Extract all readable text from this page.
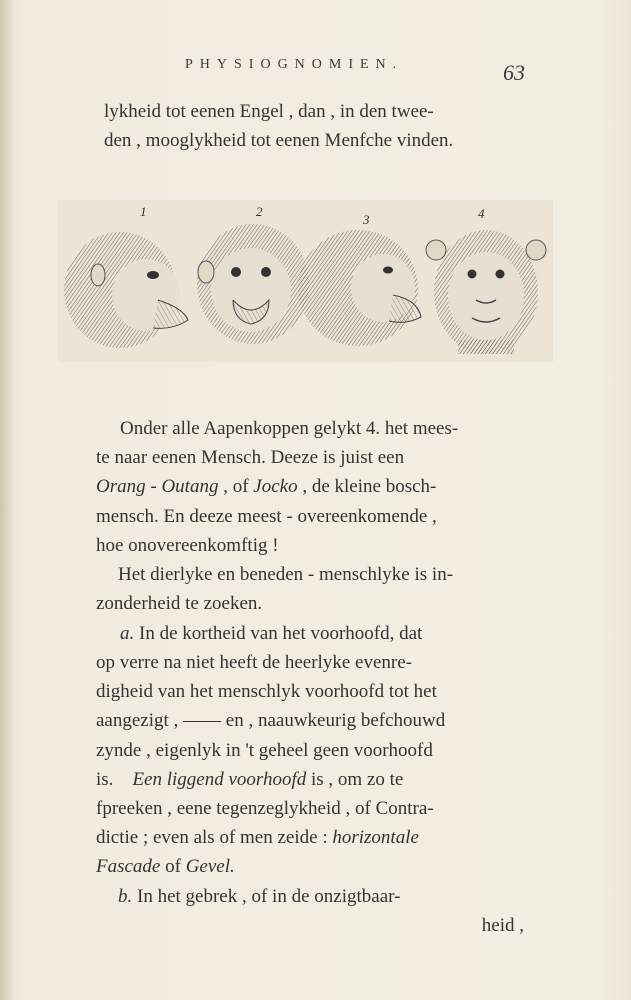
PHYSIOGNOMIEN.	63
lykheid tot eenen Engel , dan , in den twee-
den , mooglykheid tot eenen Menfche vinden.
1	2
3	4
Onder alle Aapenkoppen gelykt 4. het mees-
te naar eenen Mensch. Deeze is juist een
Orang - Outang , of Jocko , de kleine bosch-
mensch. En deeze meest - overeenkomende ,
hoe onovereenkomftig !
Het dierlyke en beneden - menschlyke is in-
zonderheid te zoeken.
a. In de kortheid van het voorhoofd, dat
op verre na niet heeft de heerlyke evenre-
digheid van het menschlyk voorhoofd tot het
aangezigt , —— en , naauwkeurig befchouwd
zynde , eigenlyk in 't geheel geen voorhoofd
is. Een liggend voorhoofd is , om zo te
fpreeken , eene tegenzeglykheid , of Contra-
dictie ; even als of men zeide : horizontale
Fascade of Gevel.
b. In het gebrek , of in de onzigtbaar-
heid ,
